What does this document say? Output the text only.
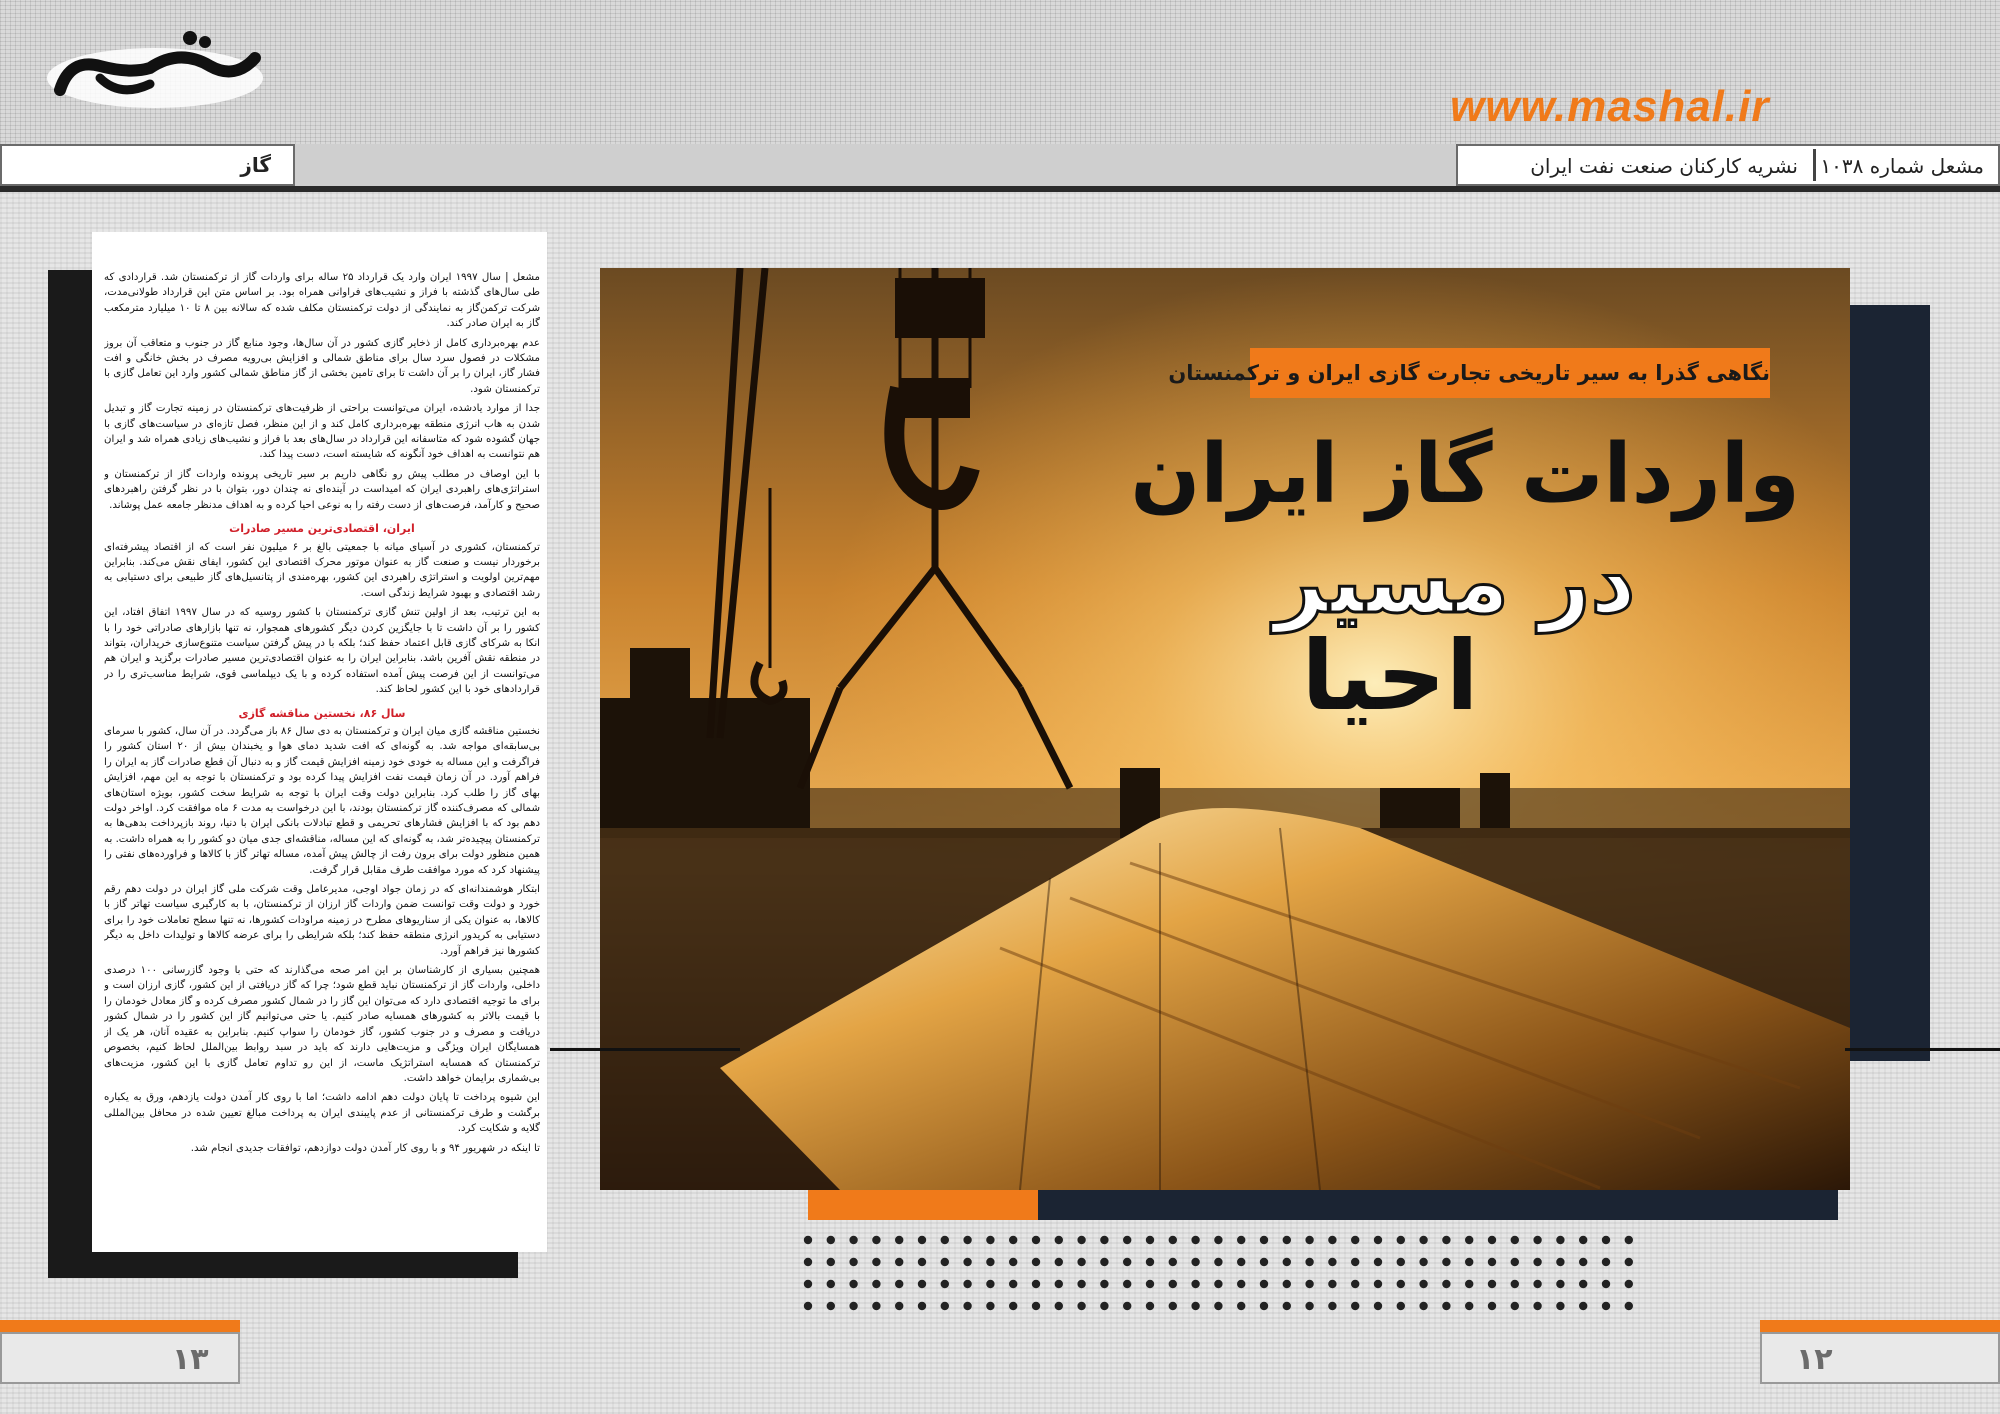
www.mashal.ir
گاز	مشعل شماره ۱۰۳۸
نشریه کارکنان صنعت نفت ایران

مشعل | سال ۱۹۹۷ ایران وارد یک قرارداد ۲۵ ساله برای واردات گاز از ترکمنستان شد. قراردادی که طی سال‌های گذشته با فراز و نشیب‌های فراوانی همراه بود. بر اساس متن این قرارداد طولانی‌مدت، شرکت ترکمن‌گاز به نمایندگی از دولت ترکمنستان مکلف شده که سالانه بین ۸ تا ۱۰ میلیارد مترمکعب گاز به ایران صادر کند.

عدم بهره‌برداری کامل از ذخایر گازی کشور در آن سال‌ها، وجود منابع گاز در جنوب و متعاقب آن بروز مشکلات در فصول سرد سال برای مناطق شمالی و افزایش بی‌رویه مصرف در بخش خانگی و افت فشار گاز، ایران را بر آن داشت تا برای تامین بخشی از گاز مناطق شمالی کشور وارد این تعامل گازی با ترکمنستان شود.

جدا از موارد یادشده، ایران می‌توانست براحتی از ظرفیت‌های ترکمنستان در زمینه تجارت گاز و تبدیل شدن به هاب انرژی منطقه بهره‌برداری کامل کند و از این منظر، فصل تازه‌ای در سیاست‌های گازی با جهان گشوده شود که متاسفانه این قرارداد در سال‌های بعد با فراز و نشیب‌های زیادی همراه شد و ایران هم نتوانست به اهداف خود آنگونه که شایسته است، دست پیدا کند.

با این اوصاف در مطلب پیش رو نگاهی داریم بر سیر تاریخی پرونده واردات گاز از ترکمنستان و استراتژی‌های راهبردی ایران که امیداست در آینده‌ای نه چندان دور، بتوان با در نظر گرفتن راهبردهای صحیح و کارآمد، فرصت‌های از دست رفته را به نوعی احیا کرده و به اهداف مدنظر جامعه عمل پوشاند.

ایران، اقتصادی‌ترین مسیر صادرات

ترکمنستان، کشوری در آسیای میانه با جمعیتی بالغ بر ۶ میلیون نفر است که از اقتصاد پیشرفته‌ای برخوردار نیست و صنعت گاز به عنوان موتور محرک اقتصادی این کشور، ایفای نقش می‌کند. بنابراین مهم‌ترین اولویت و استراتژی راهبردی این کشور، بهره‌مندی از پتانسیل‌های گاز طبیعی برای دستیابی به رشد اقتصادی و بهبود شرایط زندگی است.

به این ترتیب، بعد از اولین تنش گازی ترکمنستان با کشور روسیه که در سال ۱۹۹۷ اتفاق افتاد، این کشور را بر آن داشت تا با جایگزین کردن دیگر کشورهای همجوار، نه تنها بازارهای صادراتی خود را با انکا به شرکای گازی قابل اعتماد حفظ کند؛ بلکه با در پیش گرفتن سیاست متنوع‌سازی خریداران، بتواند در منطقه نقش آفرین باشد. بنابراین ایران را به عنوان اقتصادی‌ترین مسیر صادرات برگزید و ایران هم می‌توانست از این فرصت پیش آمده استفاده کرده و با یک دیپلماسی قوی، شرایط مناسب‌تری را در قراردادهای خود با این کشور لحاظ کند.

سال ۸۶، نخستین مناقشه گازی

نخستین مناقشه گازی میان ایران و ترکمنستان به دی سال ۸۶ باز می‌گردد. در آن سال، کشور با سرمای بی‌سابقه‌ای مواجه شد. به گونه‌ای که افت شدید دمای هوا و یخبندان بیش از ۲۰ استان کشور را فراگرفت و این مساله به خودی خود زمینه افزایش قیمت گاز و به دنبال آن قطع صادرات گاز به ایران را فراهم آورد. در آن زمان قیمت نفت افزایش پیدا کرده بود و ترکمنستان با توجه به این مهم، افزایش بهای گاز را طلب کرد. بنابراین دولت وقت ایران با توجه به شرایط سخت کشور، بویژه استان‌های شمالی که مصرف‌کننده گاز ترکمنستان بودند، با این درخواست به مدت ۶ ماه موافقت کرد. اواخر دولت دهم بود که با افزایش فشارهای تحریمی و قطع تبادلات بانکی ایران با دنیا، روند بازپرداخت بدهی‌ها به ترکمنستان پیچیده‌تر شد، به گونه‌ای که این مساله، مناقشه‌ای جدی میان دو کشور را به همراه داشت. به همین منظور دولت برای برون رفت از چالش پیش آمده، مساله تهاتر گاز با کالاها و فراورده‌های نفتی را پیشنهاد کرد که مورد موافقت طرف مقابل قرار گرفت.

ابتکار هوشمندانه‌ای که در زمان جواد اوجی، مدیرعامل وقت شرکت ملی گاز ایران در دولت دهم رقم خورد و دولت وقت توانست ضمن واردات گاز ارزان از ترکمنستان، با به کارگیری سیاست تهاتر گاز با کالاها، به عنوان یکی از سناریوهای مطرح در زمینه مراودات کشورها، نه تنها سطح تعاملات خود را برای دستیابی به کریدور انرژی منطقه حفظ کند؛ بلکه شرایطی را برای عرضه کالاها و تولیدات داخل به دیگر کشورها نیز فراهم آورد.

همچنین بسیاری از کارشناسان بر این امر صحه می‌گذارند که حتی با وجود گازرسانی ۱۰۰ درصدی داخلی، واردات گاز از ترکمنستان نباید قطع شود؛ چرا که گاز دریافتی از این کشور، گازی ارزان است و برای ما توجیه اقتصادی دارد که می‌توان این گاز را در شمال کشور مصرف کرده و گاز معادل خودمان را با قیمت بالاتر به کشورهای همسایه صادر کنیم. یا حتی می‌توانیم گاز این کشور را در شمال کشور دریافت و مصرف و در جنوب کشور، گاز خودمان را سواپ کنیم. بنابراین به عقیده آنان، هر یک از همسایگان ایران ویژگی و مزیت‌هایی دارند که باید در سبد روابط بین‌الملل لحاظ کنیم، بخصوص ترکمنستان که همسایه استراتژیک ماست، از این رو تداوم تعامل گازی با این کشور، مزیت‌های بی‌شماری برایمان خواهد داشت.

این شیوه پرداخت تا پایان دولت دهم ادامه داشت؛ اما با روی کار آمدن دولت یازدهم، ورق به یکباره برگشت و طرف ترکمنستانی از عدم پایبندی ایران به پرداخت مبالغ تعیین شده در محافل بین‌المللی گلایه و شکایت کرد.

تا اینکه در شهریور ۹۴ و با روی کار آمدن دولت دوازدهم، توافقات جدیدی انجام شد.

نگاهی گذرا به سیر تاریخی تجارت گازی ایران و ترکمنستان
واردات گاز ایران
در مسیر
احیا
۱۳	۱۲
